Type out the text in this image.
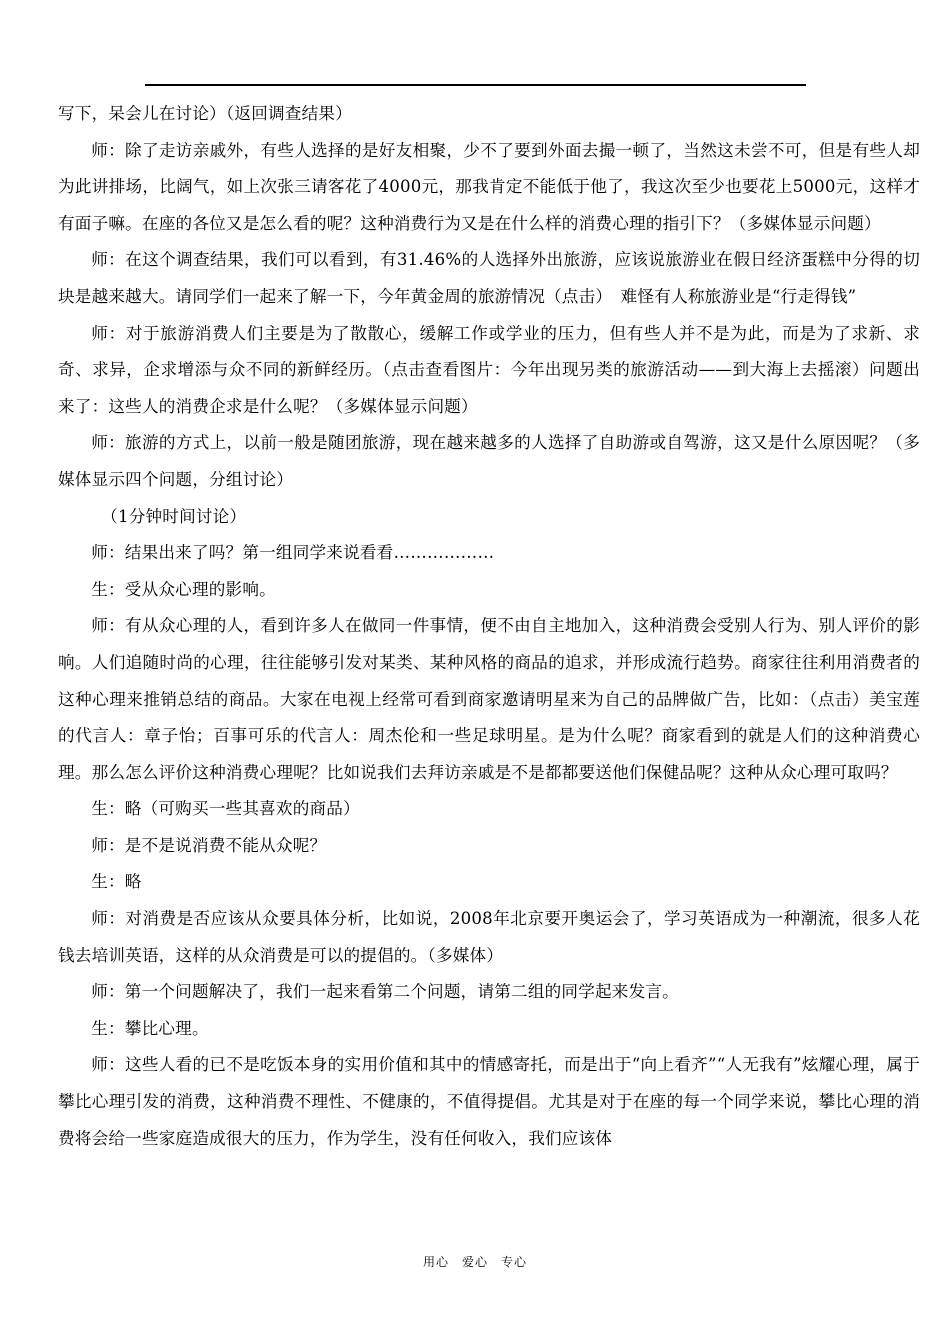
写下，呆会儿在讨论）（返回调查结果）

师：除了走访亲戚外，有些人选择的是好友相聚，少不了要到外面去撮一顿了，当然这未尝不可，但是有些人却为此讲排场，比阔气，如上次张三请客花了4000元，那我肯定不能低于他了，我这次至少也要花上5000元，这样才有面子嘛。在座的各位又是怎么看的呢？这种消费行为又是在什么样的消费心理的指引下？（多媒体显示问题）

师：在这个调查结果，我们可以看到，有31.46%的人选择外出旅游，应该说旅游业在假日经济蛋糕中分得的切块是越来越大。请同学们一起来了解一下，今年黄金周的旅游情况（点击）　难怪有人称旅游业是“行走得钱”

师：对于旅游消费人们主要是为了散散心，缓解工作或学业的压力，但有些人并不是为此，而是为了求新、求奇、求异，企求增添与众不同的新鲜经历。（点击查看图片：今年出现另类的旅游活动——到大海上去摇滚）问题出来了：这些人的消费企求是什么呢？（多媒体显示问题）

师：旅游的方式上，以前一般是随团旅游，现在越来越多的人选择了自助游或自驾游，这又是什么原因呢？（多媒体显示四个问题，分组讨论）

（1分钟时间讨论）

师：结果出来了吗？第一组同学来说看看………………

生：受从众心理的影响。

师：有从众心理的人，看到许多人在做同一件事情，便不由自主地加入，这种消费会受别人行为、别人评价的影响。人们追随时尚的心理，往往能够引发对某类、某种风格的商品的追求，并形成流行趋势。商家往往利用消费者的这种心理来推销总结的商品。大家在电视上经常可看到商家邀请明星来为自己的品牌做广告，比如：（点击）美宝莲的代言人：章子怡；百事可乐的代言人：周杰伦和一些足球明星。是为什么呢？商家看到的就是人们的这种消费心理。那么怎么评价这种消费心理呢？比如说我们去拜访亲戚是不是都都要送他们保健品呢？这种从众心理可取吗？

生：略（可购买一些其喜欢的商品）

师：是不是说消费不能从众呢？

生：略

师：对消费是否应该从众要具体分析，比如说，2008年北京要开奥运会了，学习英语成为一种潮流，很多人花钱去培训英语，这样的从众消费是可以的提倡的。（多媒体）

师：第一个问题解决了，我们一起来看第二个问题，请第二组的同学起来发言。

生：攀比心理。

师：这些人看的已不是吃饭本身的实用价值和其中的情感寄托，而是出于“向上看齐”“人无我有”炫耀心理，属于攀比心理引发的消费，这种消费不理性、不健康的，不值得提倡。尤其是对于在座的每一个同学来说，攀比心理的消费将会给一些家庭造成很大的压力，作为学生，没有任何收入，我们应该体

用心　爱心　专心
